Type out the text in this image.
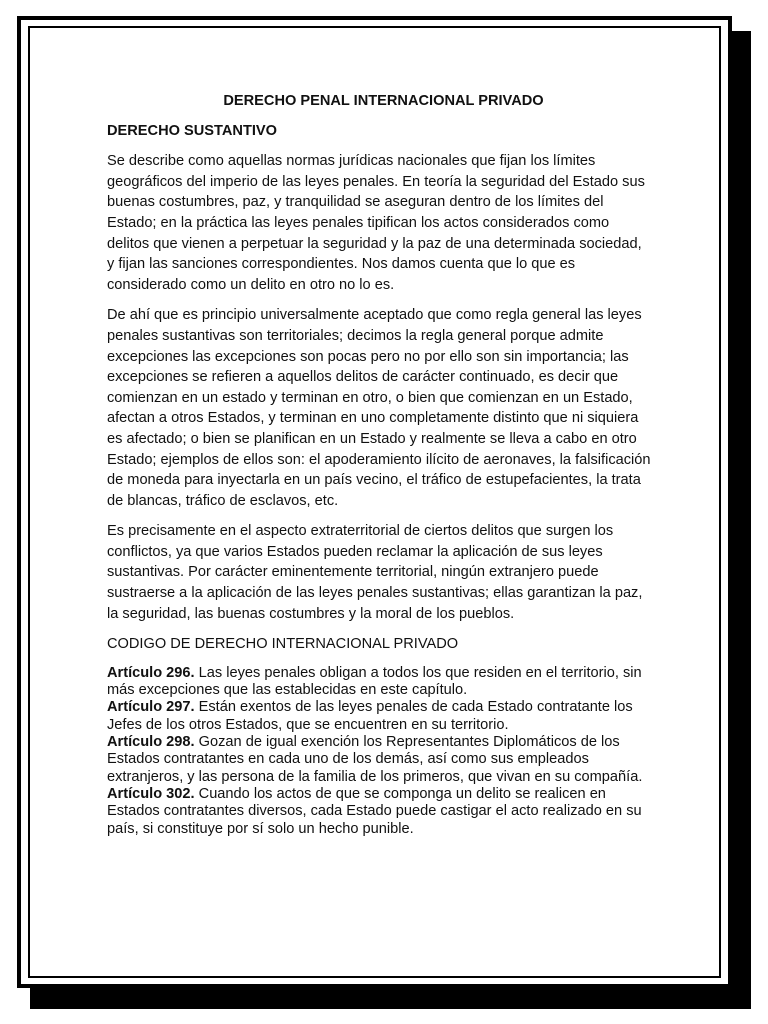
DERECHO PENAL INTERNACIONAL PRIVADO
DERECHO SUSTANTIVO

Se describe como aquellas normas jurídicas nacionales que fijan los límites geográficos del imperio de las leyes penales. En teoría la seguridad del Estado sus buenas costumbres, paz, y tranquilidad se aseguran dentro de los límites del Estado; en la práctica las leyes penales tipifican los actos considerados como delitos que vienen a perpetuar la seguridad y la paz de una determinada sociedad, y fijan las sanciones correspondientes. Nos damos cuenta que lo que es considerado como un delito en otro no lo es.

De ahí que es principio universalmente aceptado que como regla general las leyes penales sustantivas son territoriales; decimos la regla general porque admite excepciones las excepciones son pocas pero no por ello son sin importancia; las excepciones se refieren a aquellos delitos de carácter continuado, es decir que comienzan en un estado y terminan en otro, o bien que comienzan en un Estado, afectan a otros Estados, y terminan en uno completamente distinto que ni siquiera es afectado; o bien se planifican en un Estado y realmente se lleva a cabo en otro Estado; ejemplos de ellos son: el apoderamiento ilícito de aeronaves, la falsificación de moneda para inyectarla en un país vecino, el tráfico de estupefacientes, la trata de blancas, tráfico de esclavos, etc.

Es precisamente en el aspecto extraterritorial de ciertos delitos que surgen los conflictos, ya que varios Estados pueden reclamar la aplicación de sus leyes sustantivas. Por carácter eminentemente territorial, ningún extranjero puede sustraerse a la aplicación de las leyes penales sustantivas; ellas garantizan la paz, la seguridad, las buenas costumbres y la moral de los pueblos.

CODIGO DE DERECHO INTERNACIONAL PRIVADO

Artículo 296. Las leyes penales obligan a todos los que residen en el territorio, sin más excepciones que las establecidas en este capítulo.

Artículo 297. Están exentos de las leyes penales de cada Estado contratante los Jefes de los otros Estados, que se encuentren en su territorio.

Artículo 298. Gozan de igual exención los Representantes Diplomáticos de los Estados contratantes en cada uno de los demás, así como sus empleados extranjeros, y las persona de la familia de los primeros, que vivan en su compañía.

Artículo 302. Cuando los actos de que se componga un delito se realicen en Estados contratantes diversos, cada Estado puede castigar el acto realizado en su país, si constituye por sí solo un hecho punible.
